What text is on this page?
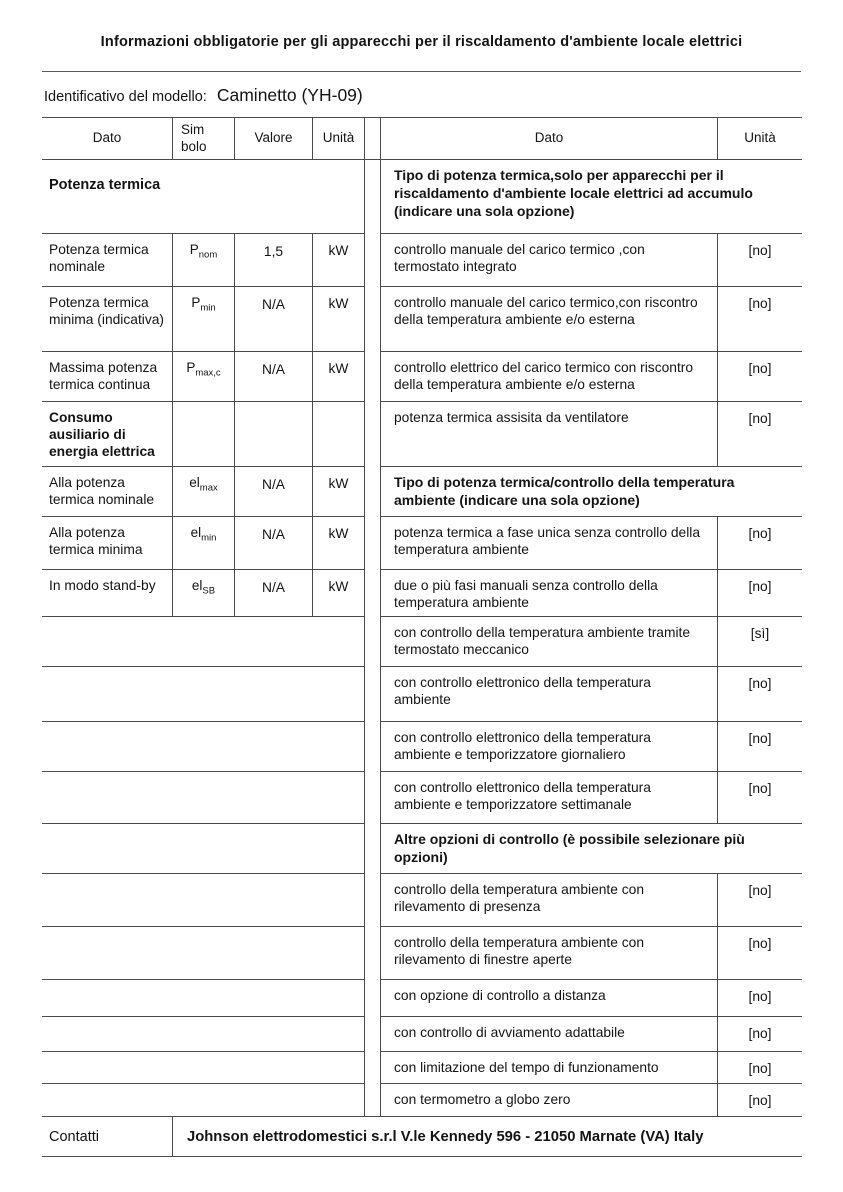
Informazioni obbligatorie per gli apparecchi per il riscaldamento d'ambiente locale elettrici
Identificativo del modello: Caminetto (YH-09)
Dato	Sim bolo	Valore	Unità		Dato	Unità
Potenza termica					Tipo di potenza termica,solo per apparecchi per il riscaldamento d'ambiente locale elettrici ad accumulo (indicare una sola opzione)	
Potenza termica nominale	$P_{nom}$	1,5	kW		controllo manuale del carico termico ,con termostato integrato	[no]
Potenza termica minima (indicativa)	$P_{min}$	N/A	kW		controllo manuale del carico termico,con riscontro della temperatura ambiente e/o esterna	[no]
Massima potenza termica continua	$P_{max,c}$	N/A	kW		controllo elettrico del carico termico con riscontro della temperatura ambiente e/o esterna	[no]
Consumo ausiliario di energia elettrica					potenza termica assisita da ventilatore	[no]
Alla potenza termica nominale	$el_{max}$	N/A	kW		Tipo di potenza termica/controllo della temperatura ambiente (indicare una sola opzione)	
Alla potenza termica minima	$el_{min}$	N/A	kW		potenza termica a fase unica senza controllo della temperatura ambiente	[no]
In modo stand-by	$el_{SB}$	N/A	kW		due o più fasi manuali senza controllo della temperatura ambiente	[no]
					con controllo della temperatura ambiente tramite termostato meccanico	[sì]
					con controllo elettronico della temperatura ambiente	[no]
					con controllo elettronico della temperatura ambiente e temporizzatore giornaliero	[no]
					con controllo elettronico della temperatura ambiente e temporizzatore settimanale	[no]
					Altre opzioni di controllo (è possibile selezionare più opzioni)	
					controllo della temperatura ambiente con rilevamento di presenza	[no]
					controllo della temperatura ambiente con rilevamento di finestre aperte	[no]
					con opzione di controllo a distanza	[no]
					con controllo di avviamento adattabile	[no]
					con limitazione del tempo di funzionamento	[no]
					con termometro a globo zero	[no]
Contatti	Johnson elettrodomestici s.r.l V.le Kennedy 596 - 21050 Marnate (VA) Italy					
